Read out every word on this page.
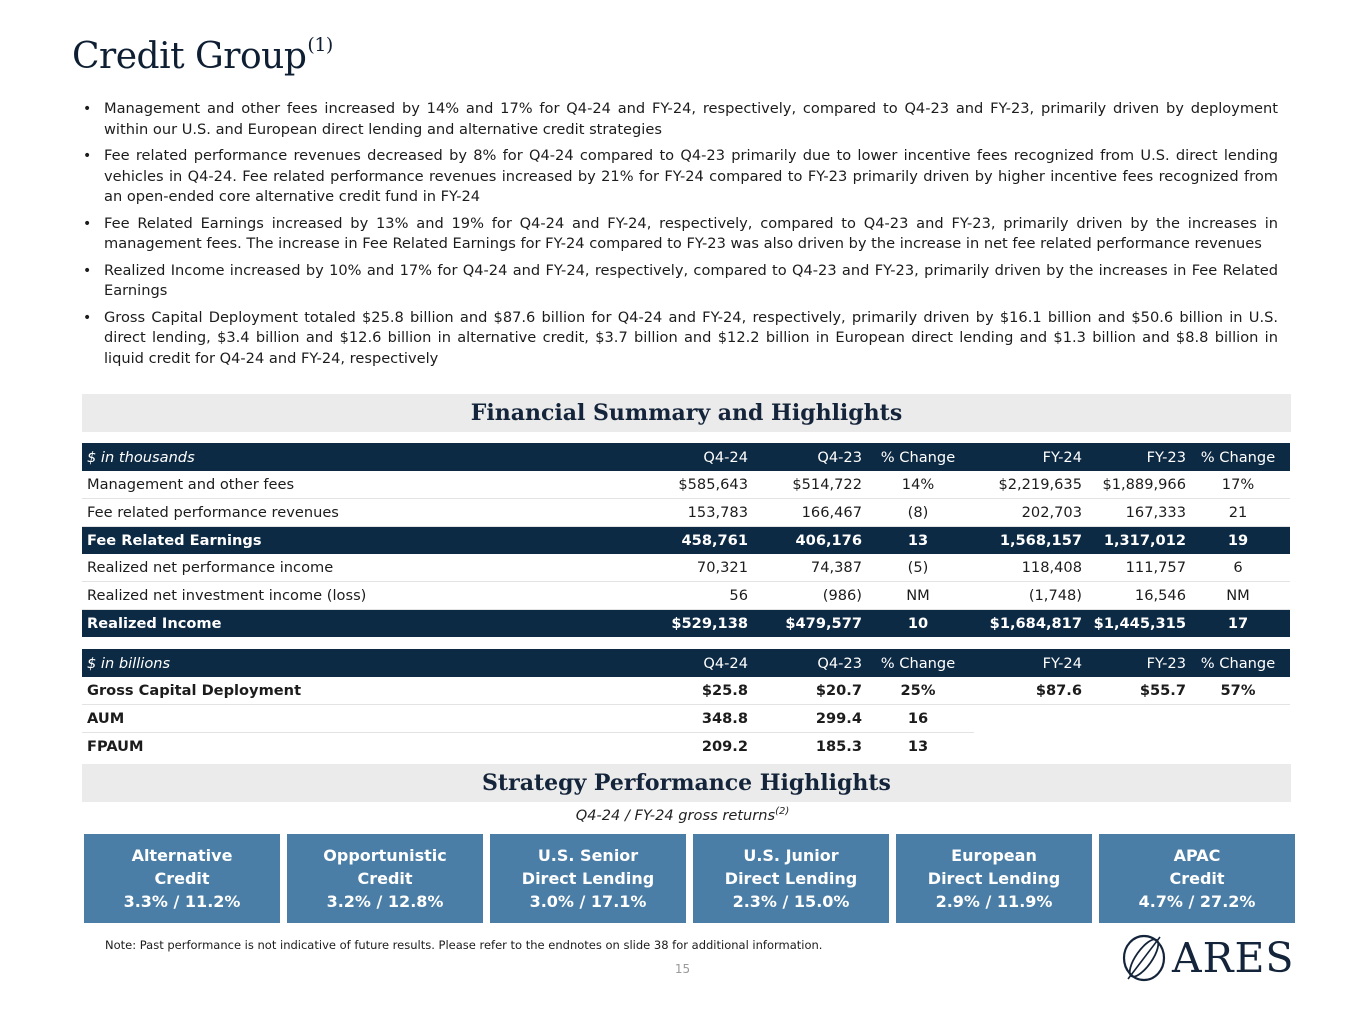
Credit Group$^{(1)}$
• Management and other fees increased by 14% and 17% for Q4-24 and FY-24, respectively, compared to Q4-23 and FY-23, primarily driven by deployment within our U.S. and European direct lending and alternative credit strategies
• Fee related performance revenues decreased by 8% for Q4-24 compared to Q4-23 primarily due to lower incentive fees recognized from U.S. direct lending vehicles in Q4-24. Fee related performance revenues increased by 21% for FY-24 compared to FY-23 primarily driven by higher incentive fees recognized from an open-ended core alternative credit fund in FY-24
• Fee Related Earnings increased by 13% and 19% for Q4-24 and FY-24, respectively, compared to Q4-23 and FY-23, primarily driven by the increases in management fees. The increase in Fee Related Earnings for FY-24 compared to FY-23 was also driven by the increase in net fee related performance revenues
• Realized Income increased by 10% and 17% for Q4-24 and FY-24, respectively, compared to Q4-23 and FY-23, primarily driven by the increases in Fee Related Earnings
• Gross Capital Deployment totaled $25.8 billion and $87.6 billion for Q4-24 and FY-24, respectively, primarily driven by $16.1 billion and $50.6 billion in U.S. direct lending, $3.4 billion and $12.6 billion in alternative credit, $3.7 billion and $12.2 billion in European direct lending and $1.3 billion and $8.8 billion in liquid credit for Q4-24 and FY-24, respectively
Financial Summary and Highlights
$ in thousands	Q4-24	Q4-23	% Change	FY-24	FY-23	% Change
Management and other fees	$585,643	$514,722	14%	$2,219,635	$1,889,966	17%
Fee related performance revenues	153,783	166,467	(8)	202,703	167,333	21
Fee Related Earnings	458,761	406,176	13	1,568,157	1,317,012	19
Realized net performance income	70,321	74,387	(5)	118,408	111,757	6
Realized net investment income (loss)	56	(986)	NM	(1,748)	16,546	NM
Realized Income	$529,138	$479,577	10	$1,684,817	$1,445,315	17
$ in billions	Q4-24	Q4-23	% Change	FY-24	FY-23	% Change
Gross Capital Deployment	$25.8	$20.7	25%	$87.6	$55.7	57%
AUM	348.8	299.4	16			
FPAUM	209.2	185.3	13			
Strategy Performance Highlights
Q4-24 / FY-24 gross returns$^{(2)}$
Alternative
Credit
3.3% / 11.2%
Opportunistic
Credit
3.2% / 12.8%
U.S. Senior
Direct Lending
3.0% / 17.1%
U.S. Junior
Direct Lending
2.3% / 15.0%
European
Direct Lending
2.9% / 11.9%
APAC
Credit
4.7% / 27.2%
Note: Past performance is not indicative of future results. Please refer to the endnotes on slide 38 for additional information.
15	ARES
